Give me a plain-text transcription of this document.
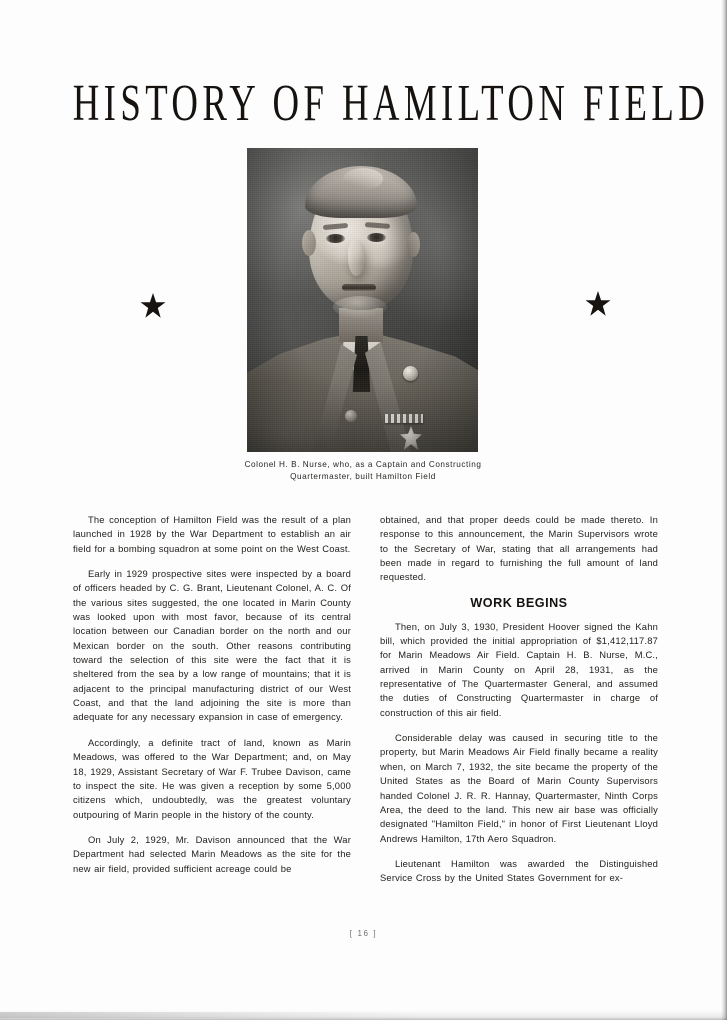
HISTORY OF HAMILTON FIELD
Colonel H. B. Nurse, who, as a Captain and Constructing
Quartermaster, built Hamilton Field

The conception of Hamilton Field was the result of a plan launched in 1928 by the War Department to establish an air field for a bombing squadron at some point on the West Coast.

Early in 1929 prospective sites were inspected by a board of officers headed by C. G. Brant, Lieutenant Colonel, A. C. Of the various sites suggested, the one located in Marin County was looked upon with most favor, because of its central location between our Canadian border on the north and our Mexican border on the south. Other reasons contributing toward the selection of this site were the fact that it is sheltered from the sea by a low range of mountains; that it is adjacent to the principal manufacturing district of our West Coast, and that the land adjoining the site is more than adequate for any necessary expansion in case of emergency.

Accordingly, a definite tract of land, known as Marin Meadows, was offered to the War Department; and, on May 18, 1929, Assistant Secretary of War F. Trubee Davison, came to inspect the site. He was given a reception by some 5,000 citizens which, undoubtedly, was the greatest voluntary outpouring of Marin people in the history of the county.

On July 2, 1929, Mr. Davison announced that the War Department had selected Marin Meadows as the site for the new air field, provided sufficient acreage could be

obtained, and that proper deeds could be made thereto. In response to this announcement, the Marin Supervisors wrote to the Secretary of War, stating that all arrangements had been made in regard to furnishing the full amount of land requested.

WORK BEGINS

Then, on July 3, 1930, President Hoover signed the Kahn bill, which provided the initial appropriation of $1,412,117.87 for Marin Meadows Air Field. Captain H. B. Nurse, M.C., arrived in Marin County on April 28, 1931, as the representative of The Quartermaster General, and assumed the duties of Constructing Quartermaster in charge of construction of this air field.

Considerable delay was caused in securing title to the property, but Marin Meadows Air Field finally became a reality when, on March 7, 1932, the site became the property of the United States as the Board of Marin County Supervisors handed Colonel J. R. R. Hannay, Quartermaster, Ninth Corps Area, the deed to the land. This new air base was officially designated "Hamilton Field," in honor of First Lieutenant Lloyd Andrews Hamilton, 17th Aero Squadron.

Lieutenant Hamilton was awarded the Distinguished Service Cross by the United States Government for ex-

[ 16 ]
